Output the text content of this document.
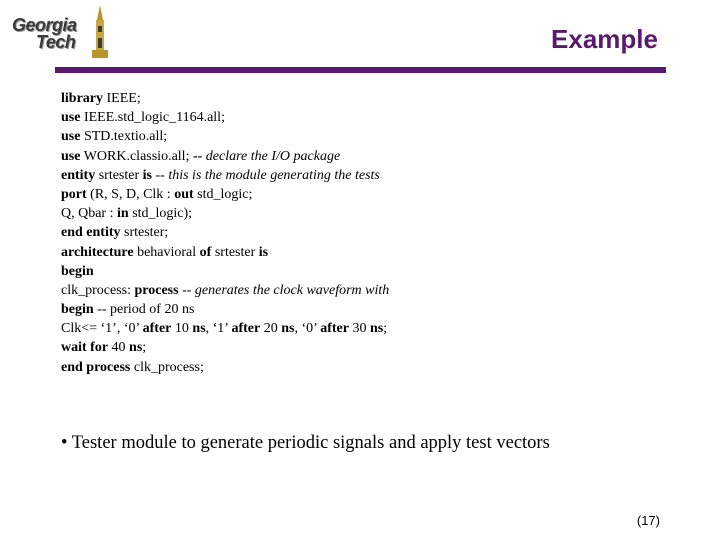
Georgia
Tech	Example
library IEEE;
use IEEE.std_logic_1164.all;
use STD.textio.all;
use WORK.classio.all; -- declare the I/O package
entity srtester is -- this is the module generating the tests
port (R, S, D, Clk : out std_logic;
Q, Qbar : in std_logic);
end entity srtester;
architecture behavioral of srtester is
begin
clk_process: process -- generates the clock waveform with
begin -- period of 20 ns
Clk<= ‘1’, ‘0’ after 10 ns, ‘1’ after 20 ns, ‘0’ after 30 ns;
wait for 40 ns;
end process clk_process;
• Tester module to generate periodic signals and apply test vectors
(17)
